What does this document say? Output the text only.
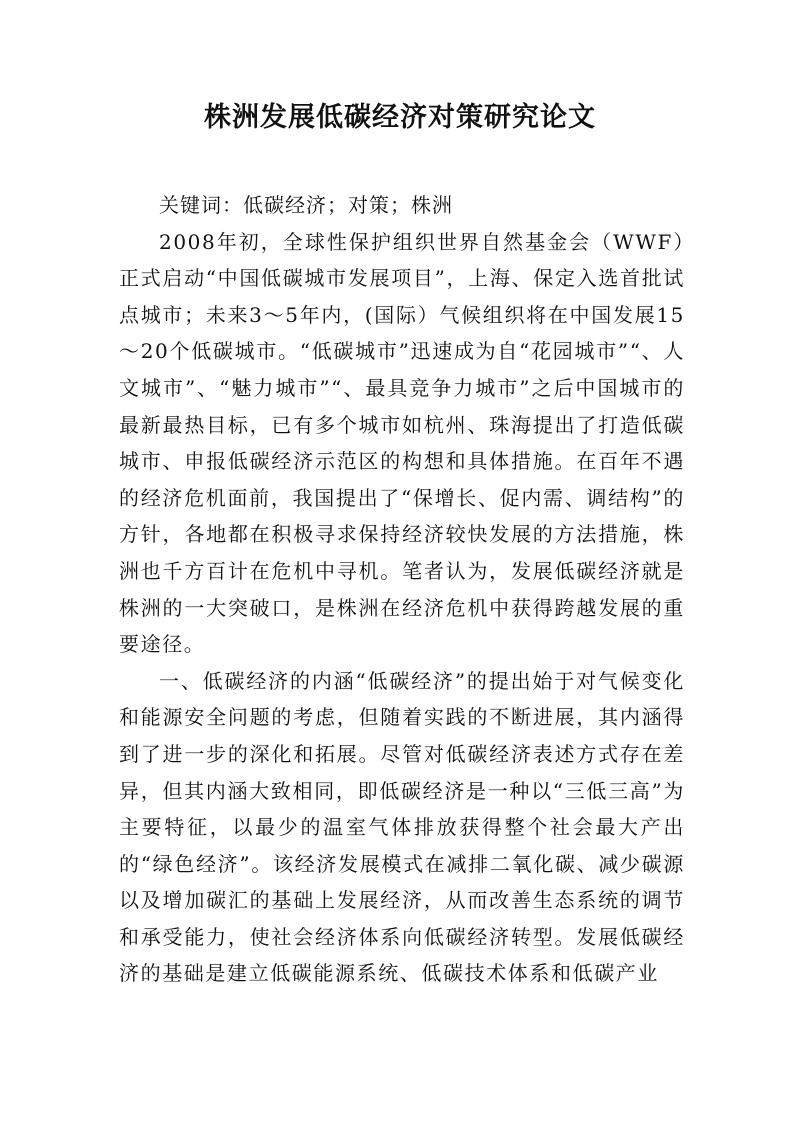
株洲发展低碳经济对策研究论文

关键词：低碳经济；对策；株洲

2008年初，全球性保护组织世界自然基金会（WWF）正式启动“中国低碳城市发展项目”，上海、保定入选首批试点城市；未来3～5年内，(国际）气候组织将在中国发展15～20个低碳城市。“低碳城市”迅速成为自“花园城市”“、人文城市”、“魅力城市”“、最具竞争力城市”之后中国城市的最新最热目标，已有多个城市如杭州、珠海提出了打造低碳城市、申报低碳经济示范区的构想和具体措施。在百年不遇的经济危机面前，我国提出了“保增长、促内需、调结构”的方针，各地都在积极寻求保持经济较快发展的方法措施，株洲也千方百计在危机中寻机。笔者认为，发展低碳经济就是株洲的一大突破口，是株洲在经济危机中获得跨越发展的重要途径。

一、低碳经济的内涵“低碳经济”的提出始于对气候变化和能源安全问题的考虑，但随着实践的不断进展，其内涵得到了进一步的深化和拓展。尽管对低碳经济表述方式存在差异，但其内涵大致相同，即低碳经济是一种以“三低三高”为主要特征，以最少的温室气体排放获得整个社会最大产出的“绿色经济”。该经济发展模式在减排二氧化碳、减少碳源以及增加碳汇的基础上发展经济，从而改善生态系统的调节和承受能力，使社会经济体系向低碳经济转型。发展低碳经济的基础是建立低碳能源系统、低碳技术体系和低碳产业
